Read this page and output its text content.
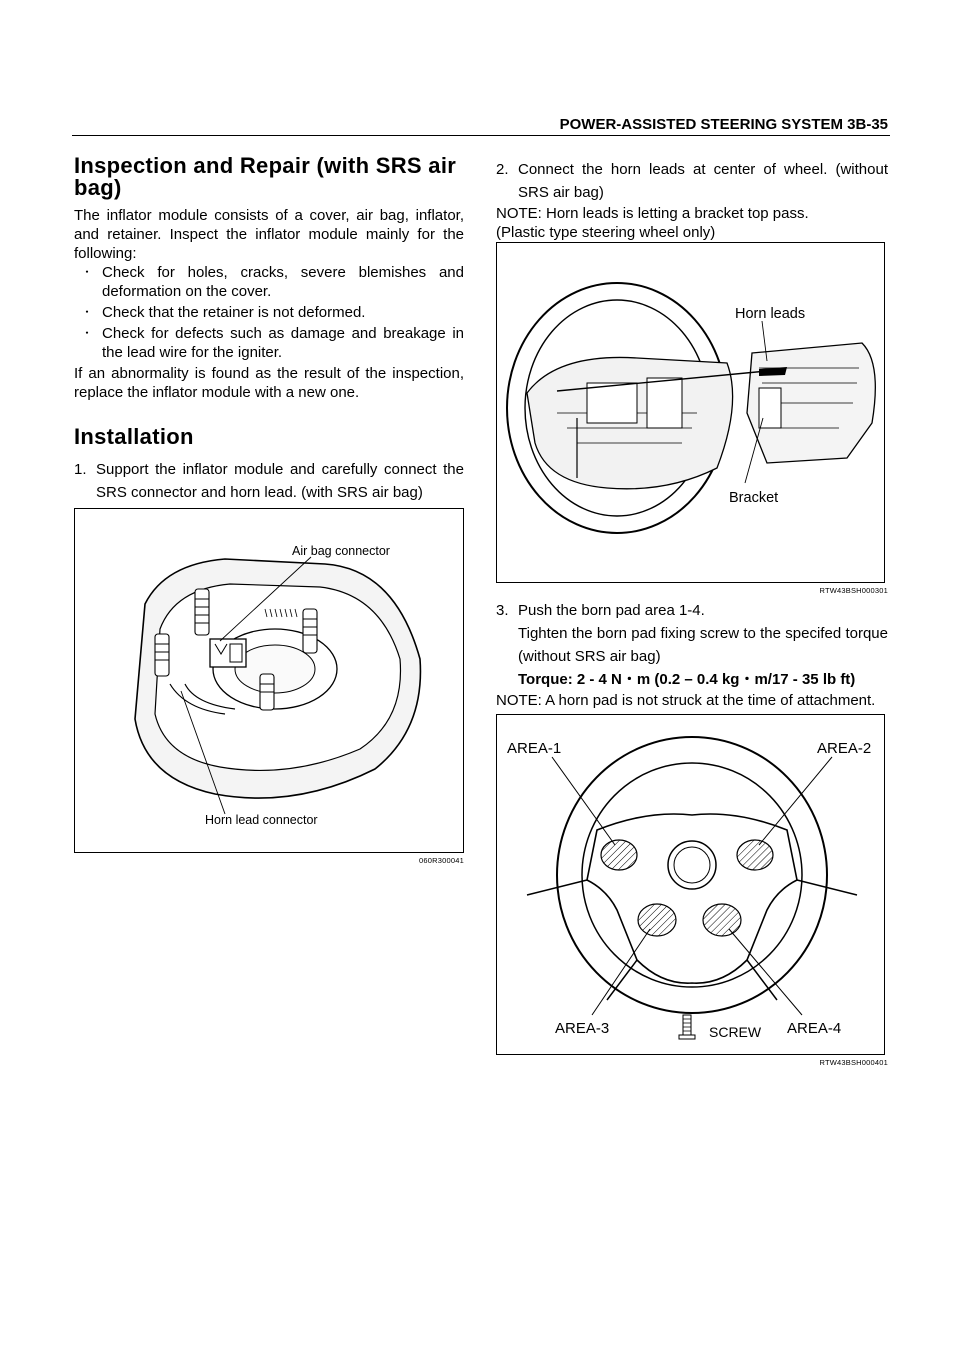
POWER-ASSISTED STEERING SYSTEM 3B-35
Inspection and Repair (with SRS air bag)

The inflator module consists of a cover, air bag, inflator, and retainer. Inspect the inflator module mainly for the following:

・ Check for holes, cracks, severe blemishes and deformation on the cover.
・ Check that the retainer is not deformed.
・ Check for defects such as damage and breakage in the lead wire for the igniter.

If an abnormality is found as the result of the inspection, replace the inflator module with a new one.

Installation
1. Support the inflator module and carefully connect the SRS connector and horn lead. (with SRS air bag)
Air bag connector
Horn lead connector
060R300041
2. Connect the horn leads at center of wheel. (without SRS air bag)
NOTE: Horn leads is letting a bracket top pass.
(Plastic type steering wheel only)
Horn leads
Bracket
RTW43BSH000301
3. Push the born pad area 1-4.
Tighten the born pad fixing screw to the specifed torque (without SRS air bag)
Torque: 2 - 4 N・m (0.2 – 0.4 kg・m/17 - 35 lb ft)
NOTE: A horn pad is not struck at the time of attachment.
AREA-1	AREA-2
AREA-3	AREA-4
SCREW
RTW43BSH000401
